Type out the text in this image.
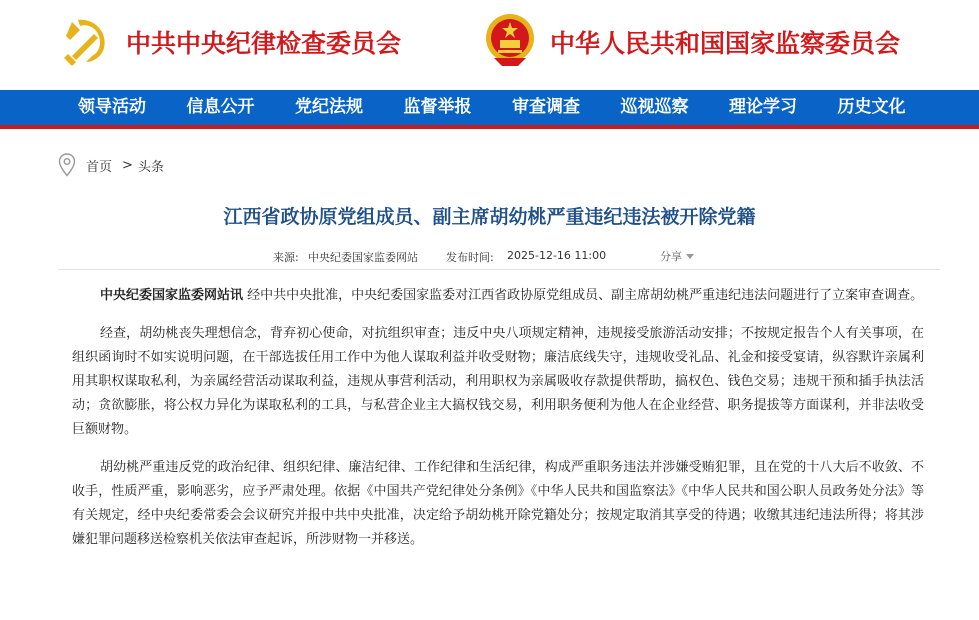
中共中央纪律检查委员会	中华人民共和国国家监察委员会
领导活动	信息公开	党纪法规	监督举报	审查调查	巡视巡察	理论学习	历史文化
首页 > 头条
江西省政协原党组成员、副主席胡幼桃严重违纪违法被开除党籍
来源: 中央纪委国家监委网站	发布时间: 2025-12-16 11:00	分享

中央纪委国家监委网站讯 经中共中央批准，中央纪委国家监委对江西省政协原党组成员、副主席胡幼桃严重违纪违法问题进行了立案审查调查。

经查，胡幼桃丧失理想信念，背弃初心使命，对抗组织审查；违反中央八项规定精神，违规接受旅游活动安排；不按规定报告个人有关事项，在组织函询时不如实说明问题，在干部选拔任用工作中为他人谋取利益并收受财物；廉洁底线失守，违规收受礼品、礼金和接受宴请，纵容默许亲属利用其职权谋取私利，为亲属经营活动谋取利益，违规从事营利活动，利用职权为亲属吸收存款提供帮助，搞权色、钱色交易；违规干预和插手执法活动；贪欲膨胀，将公权力异化为谋取私利的工具，与私营企业主大搞权钱交易，利用职务便利为他人在企业经营、职务提拔等方面谋利，并非法收受巨额财物。

胡幼桃严重违反党的政治纪律、组织纪律、廉洁纪律、工作纪律和生活纪律，构成严重职务违法并涉嫌受贿犯罪，且在党的十八大后不收敛、不收手，性质严重，影响恶劣，应予严肃处理。依据《中国共产党纪律处分条例》《中华人民共和国监察法》《中华人民共和国公职人员政务处分法》等有关规定，经中央纪委常委会会议研究并报中共中央批准，决定给予胡幼桃开除党籍处分；按规定取消其享受的待遇；收缴其违纪违法所得；将其涉嫌犯罪问题移送检察机关依法审查起诉，所涉财物一并移送。
